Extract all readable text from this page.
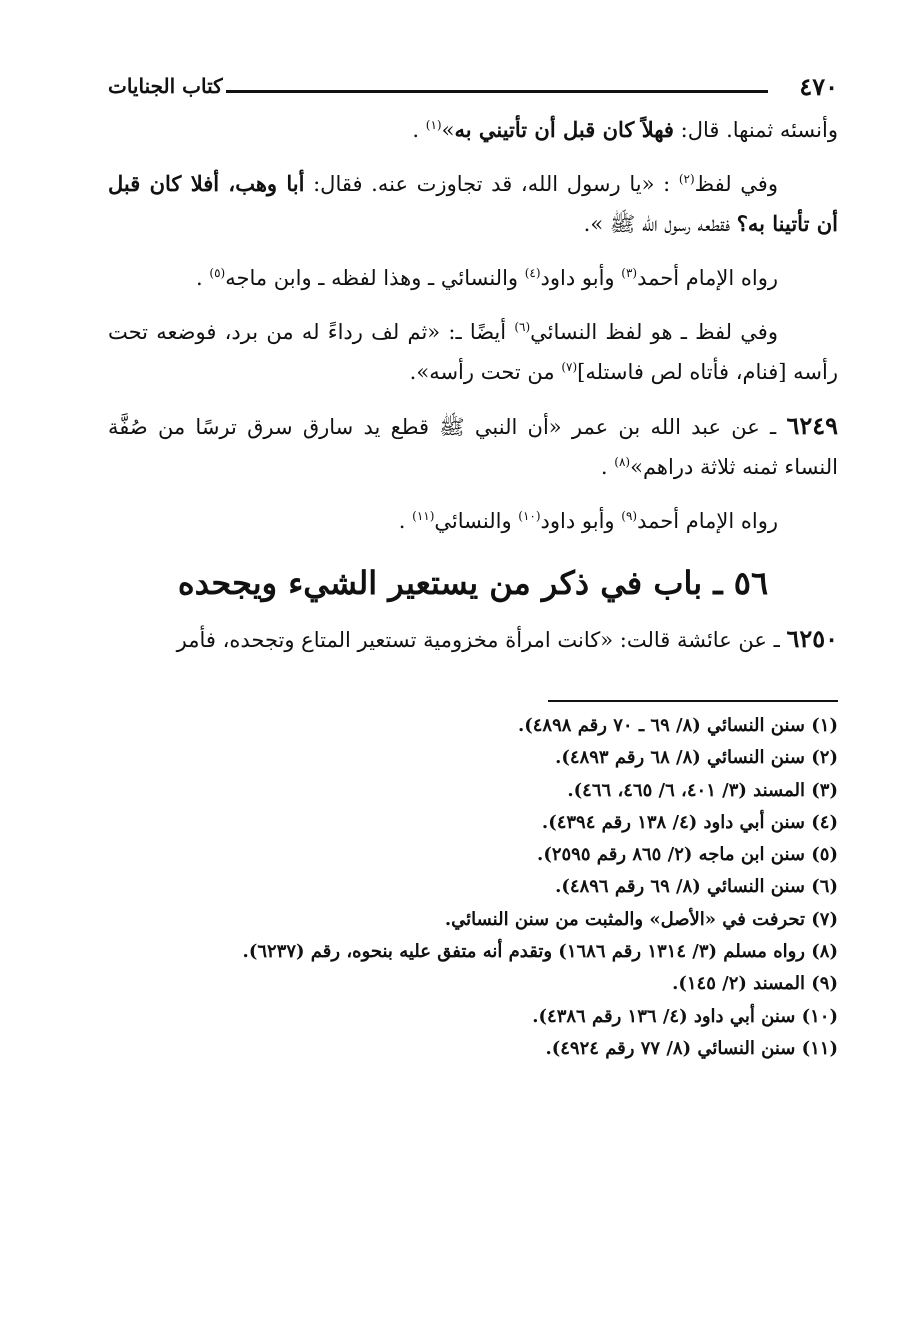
٤٧٠
كتاب الجنايات

وأنسئه ثمنها. قال: فهلاً كان قبل أن تأتيني به»$^{(١)}$ .

وفي لفظ$^{(٢)}$ : «يا رسول الله، قد تجاوزت عنه. فقال: أبا وهب، أفلا كان قبل أن تأتينا به؟ فقطعه رسول الله ﷺ ».

رواه الإمام أحمد$^{(٣)}$ وأبو داود$^{(٤)}$ والنسائي ـ وهذا لفظه ـ وابن ماجه$^{(٥)}$ .

وفي لفظ ـ هو لفظ النسائي$^{(٦)}$ أيضًا ـ: «ثم لف رداءً له من برد، فوضعه تحت رأسه [فنام، فأتاه لص فاستله]$^{(٧)}$ من تحت رأسه».

٦٢٤٩ ـ عن عبد الله بن عمر «أن النبي ﷺ قطع يد سارق سرق ترسًا من صُفَّة النساء ثمنه ثلاثة دراهم»$^{(٨)}$ .

رواه الإمام أحمد$^{(٩)}$ وأبو داود$^{(١٠)}$ والنسائي$^{(١١)}$ .

٥٦ ـ باب في ذكر من يستعير الشيء ويجحده

٦٢٥٠ ـ عن عائشة قالت: «كانت امرأة مخزومية تستعير المتاع وتجحده، فأمر

(١) سنن النسائي (٨/ ٦٩ ـ ٧٠ رقم ٤٨٩٨).
(٢) سنن النسائي (٨/ ٦٨ رقم ٤٨٩٣).
(٣) المسند (٣/ ٤٠١، ٦/ ٤٦٥، ٤٦٦).
(٤) سنن أبي داود (٤/ ١٣٨ رقم ٤٣٩٤).
(٥) سنن ابن ماجه (٢/ ٨٦٥ رقم ٢٥٩٥).
(٦) سنن النسائي (٨/ ٦٩ رقم ٤٨٩٦).
(٧) تحرفت في «الأصل» والمثبت من سنن النسائي.
(٨) رواه مسلم (٣/ ١٣١٤ رقم ١٦٨٦) وتقدم أنه متفق عليه بنحوه، رقم (٦٢٣٧).
(٩) المسند (٢/ ١٤٥).
(١٠) سنن أبي داود (٤/ ١٣٦ رقم ٤٣٨٦).
(١١) سنن النسائي (٨/ ٧٧ رقم ٤٩٢٤).
